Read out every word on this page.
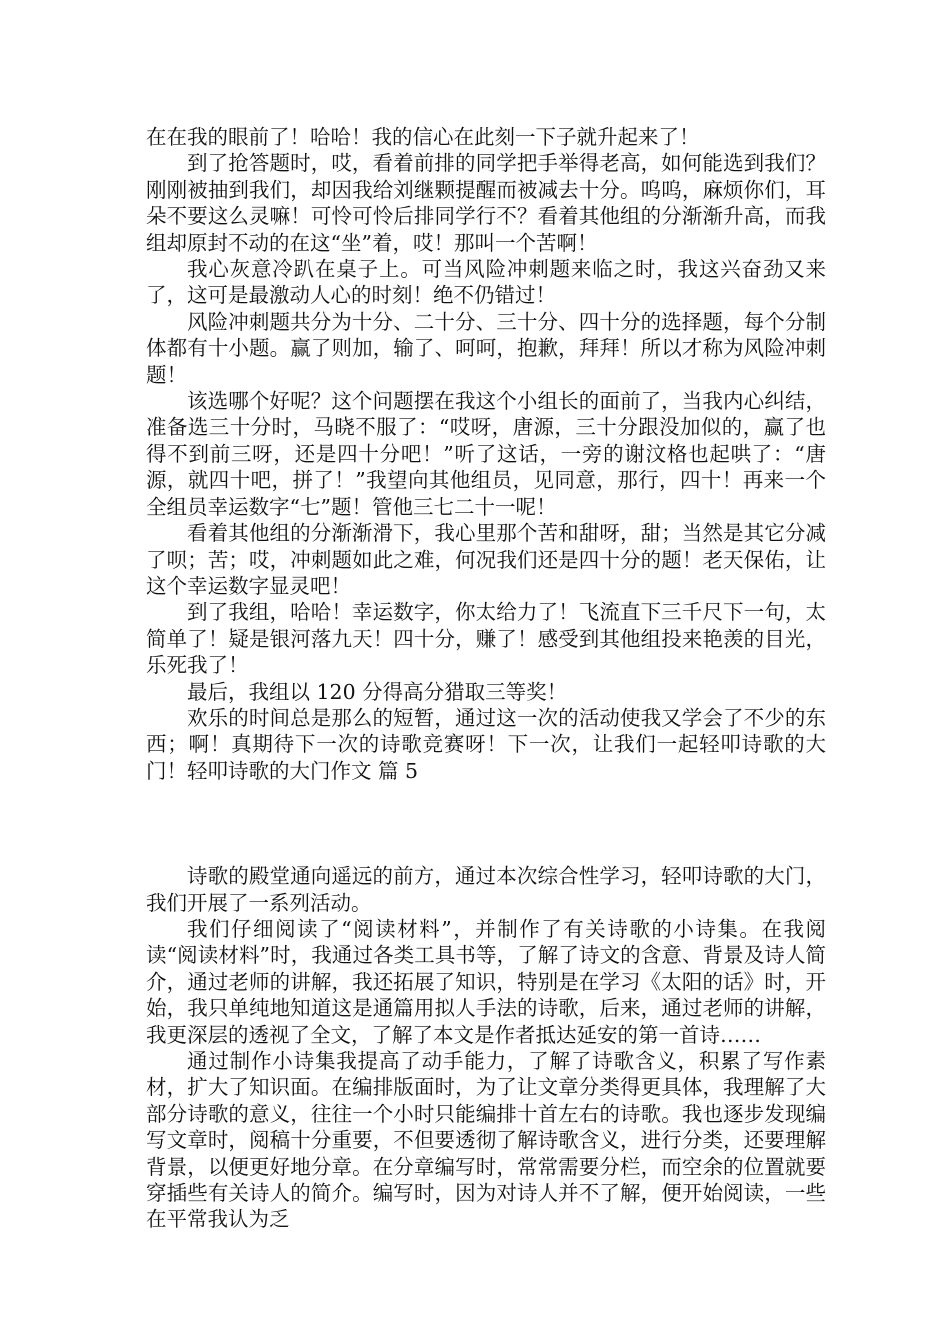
在在我的眼前了！哈哈！我的信心在此刻一下子就升起来了！

到了抢答题时，哎，看着前排的同学把手举得老高，如何能选到我们？刚刚被抽到我们，却因我给刘继颗提醒而被减去十分。呜呜，麻烦你们，耳朵不要这么灵嘛！可怜可怜后排同学行不？看着其他组的分渐渐升高，而我组却原封不动的在这“坐”着，哎！那叫一个苦啊！

我心灰意冷趴在桌子上。可当风险冲刺题来临之时，我这兴奋劲又来了，这可是最激动人心的时刻！绝不仍错过！

风险冲刺题共分为十分、二十分、三十分、四十分的选择题，每个分制体都有十小题。赢了则加，输了、呵呵，抱歉，拜拜！所以才称为风险冲刺题！

该选哪个好呢？这个问题摆在我这个小组长的面前了，当我内心纠结，准备选三十分时，马晓不服了：“哎呀，唐源，三十分跟没加似的，赢了也得不到前三呀，还是四十分吧！”听了这话，一旁的谢汶格也起哄了：“唐源，就四十吧，拼了！”我望向其他组员，见同意，那行，四十！再来一个全组员幸运数字“七”题！管他三七二十一呢！

看着其他组的分渐渐滑下，我心里那个苦和甜呀，甜；当然是其它分减了呗；苦；哎，冲刺题如此之难，何况我们还是四十分的题！老天保佑，让这个幸运数字显灵吧！

到了我组，哈哈！幸运数字，你太给力了！飞流直下三千尺下一句，太简单了！疑是银河落九天！四十分，赚了！感受到其他组投来艳羡的目光，乐死我了！

最后，我组以 120 分得高分猎取三等奖！

欢乐的时间总是那么的短暂，通过这一次的活动使我又学会了不少的东西；啊！真期待下一次的诗歌竞赛呀！下一次，让我们一起轻叩诗歌的大门！轻叩诗歌的大门作文 篇 5

诗歌的殿堂通向遥远的前方，通过本次综合性学习，轻叩诗歌的大门，我们开展了一系列活动。

我们仔细阅读了“阅读材料”，并制作了有关诗歌的小诗集。在我阅读“阅读材料”时，我通过各类工具书等，了解了诗文的含意、背景及诗人简介，通过老师的讲解，我还拓展了知识，特别是在学习《太阳的话》时，开始，我只单纯地知道这是通篇用拟人手法的诗歌，后来，通过老师的讲解，我更深层的透视了全文，了解了本文是作者抵达延安的第一首诗……

通过制作小诗集我提高了动手能力，了解了诗歌含义，积累了写作素材，扩大了知识面。在编排版面时，为了让文章分类得更具体，我理解了大部分诗歌的意义，往往一个小时只能编排十首左右的诗歌。我也逐步发现编写文章时，阅稿十分重要，不但要透彻了解诗歌含义，进行分类，还要理解背景，以便更好地分章。在分章编写时，常常需要分栏，而空余的位置就要穿插些有关诗人的简介。编写时，因为对诗人并不了解，便开始阅读，一些在平常我认为乏
